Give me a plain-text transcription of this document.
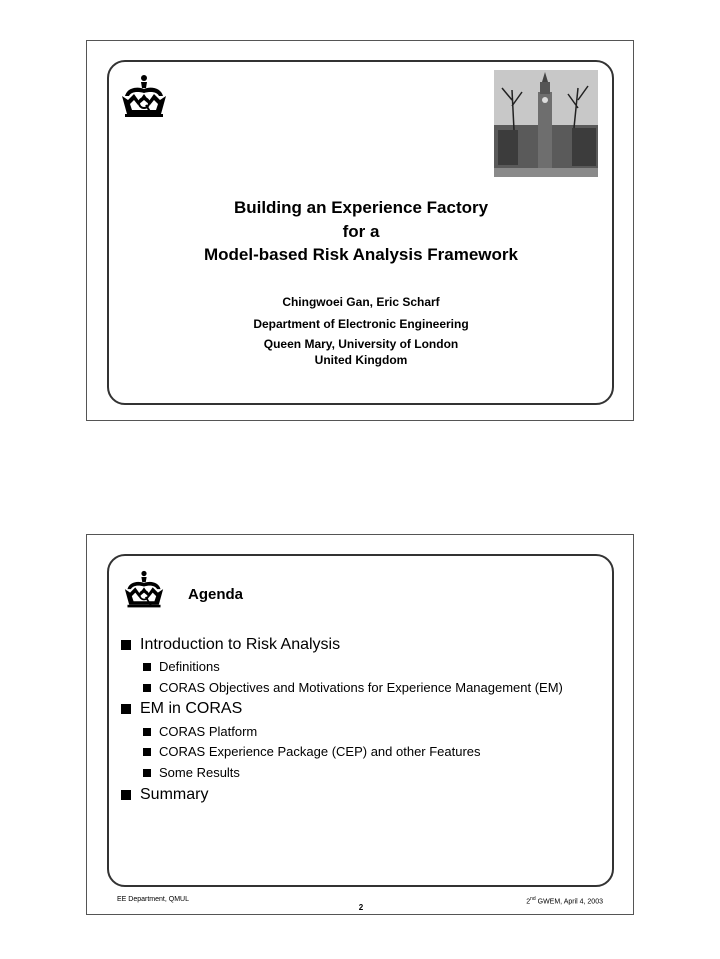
Building an Experience Factory
for a
Model-based Risk Analysis Framework
Chingwoei Gan, Eric Scharf
Department of Electronic Engineering
Queen Mary, University of London
United Kingdom
Agenda
Introduction to Risk Analysis
Definitions
CORAS Objectives and Motivations for Experience Management (EM)
EM in CORAS
CORAS Platform
CORAS Experience Package (CEP) and other Features
Some Results
Summary
EE Department, QMUL	2nd GWEM, April 4, 2003
2
